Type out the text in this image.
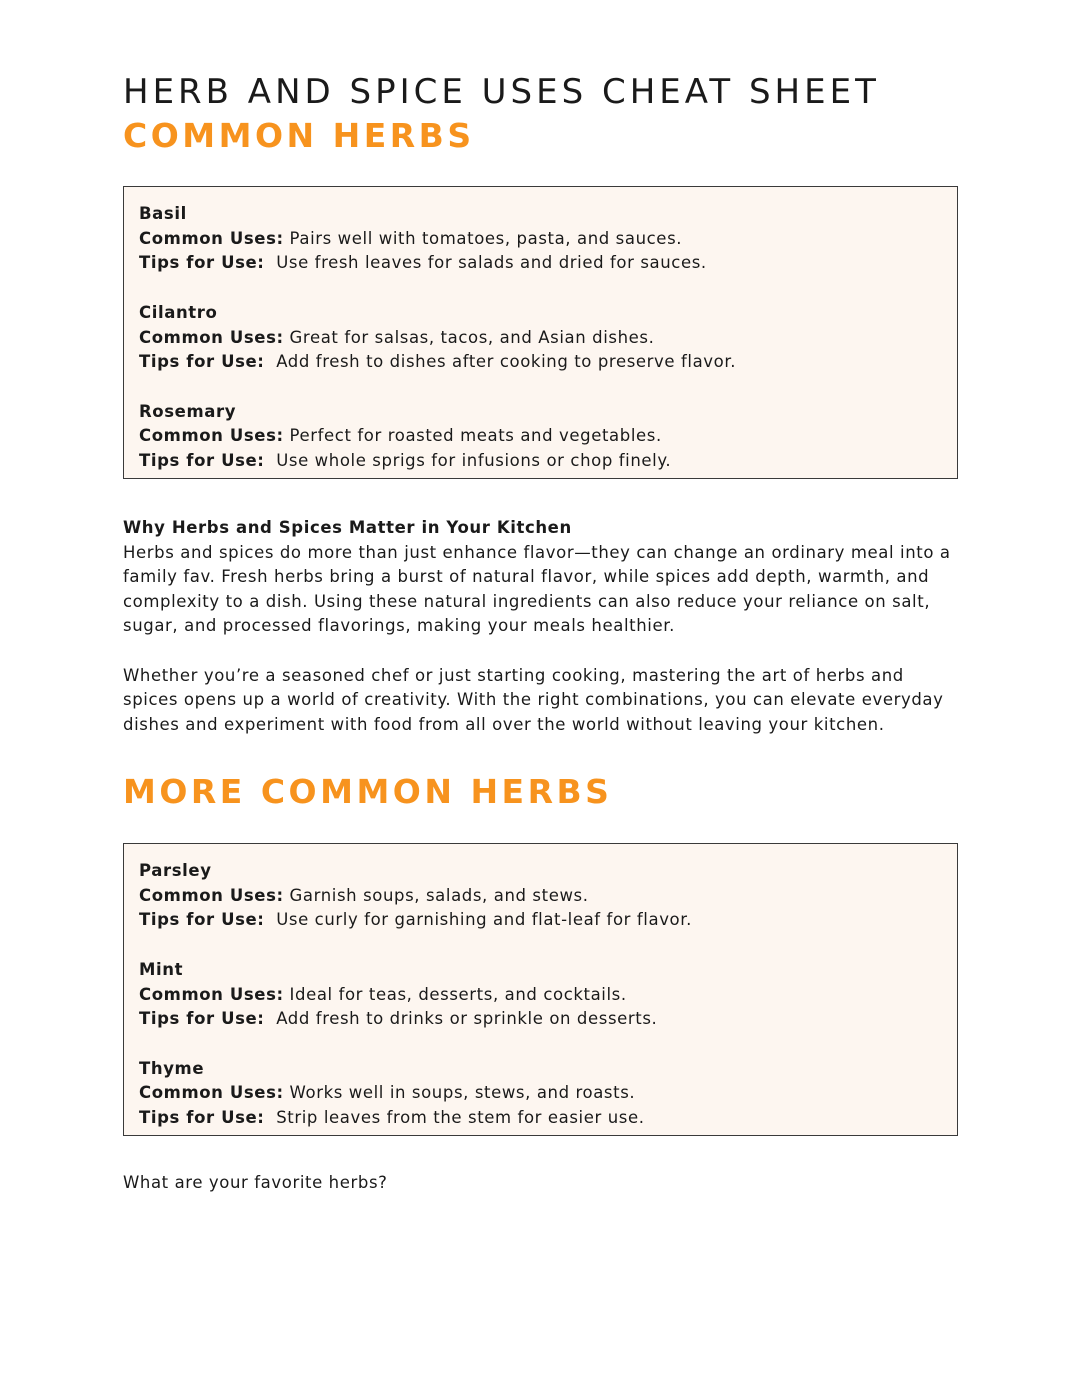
HERB AND SPICE USES CHEAT SHEET
COMMON HERBS
Basil
Common Uses: Pairs well with tomatoes, pasta, and sauces.
Tips for Use: Use fresh leaves for salads and dried for sauces.
Cilantro
Common Uses: Great for salsas, tacos, and Asian dishes.
Tips for Use: Add fresh to dishes after cooking to preserve flavor.
Rosemary
Common Uses: Perfect for roasted meats and vegetables.
Tips for Use: Use whole sprigs for infusions or chop finely.
Why Herbs and Spices Matter in Your Kitchen

Herbs and spices do more than just enhance flavor—they can change an ordinary meal into a family fav. Fresh herbs bring a burst of natural flavor, while spices add depth, warmth, and complexity to a dish. Using these natural ingredients can also reduce your reliance on salt, sugar, and processed flavorings, making your meals healthier.

Whether you’re a seasoned chef or just starting cooking, mastering the art of herbs and spices opens up a world of creativity. With the right combinations, you can elevate everyday dishes and experiment with food from all over the world without leaving your kitchen.

MORE COMMON HERBS
Parsley
Common Uses: Garnish soups, salads, and stews.
Tips for Use: Use curly for garnishing and flat-leaf for flavor.
Mint
Common Uses: Ideal for teas, desserts, and cocktails.
Tips for Use: Add fresh to drinks or sprinkle on desserts.
Thyme
Common Uses: Works well in soups, stews, and roasts.
Tips for Use: Strip leaves from the stem for easier use.

What are your favorite herbs?
